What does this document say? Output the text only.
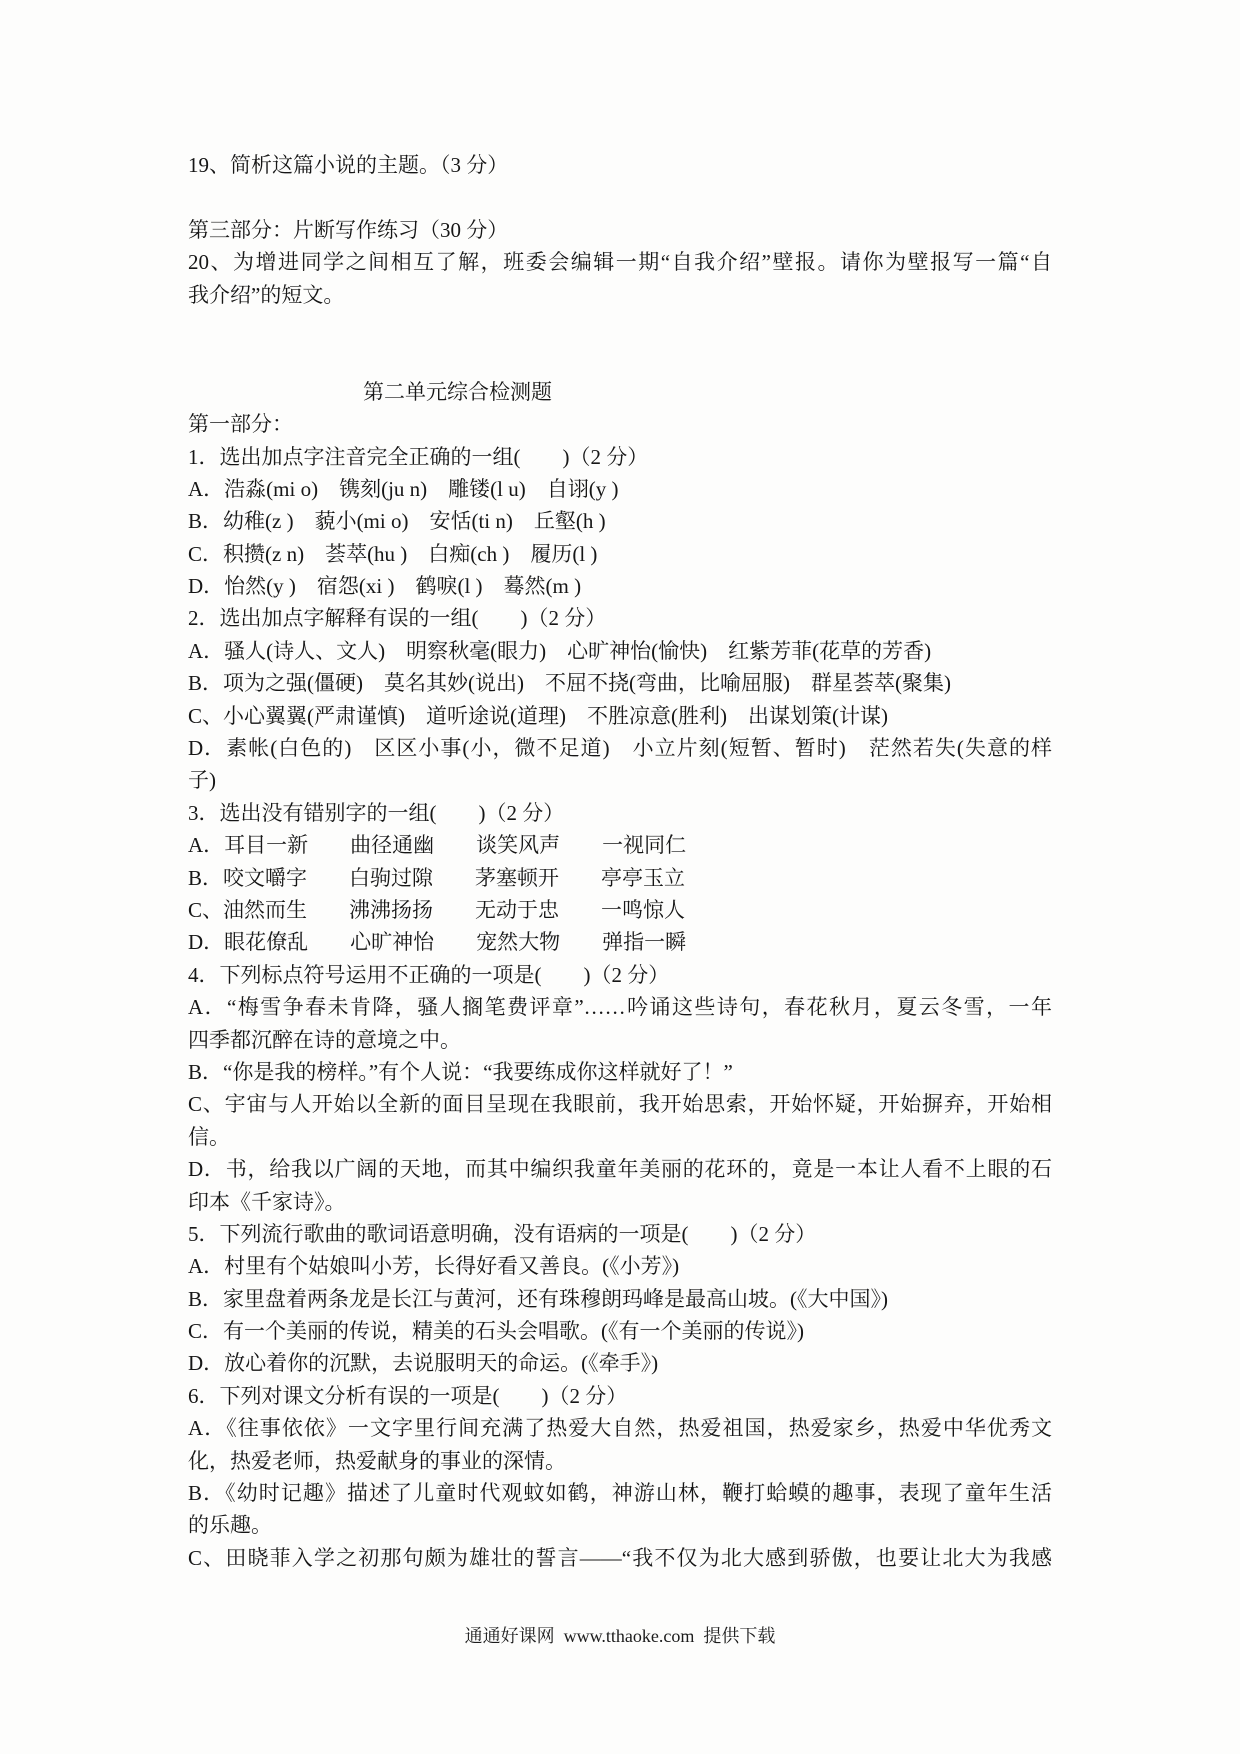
19、简析这篇小说的主题。（3 分）
第三部分：片断写作练习（30 分）
20、为增进同学之间相互了解，班委会编辑一期“自我介绍”壁报。请你为壁报写一篇“自
我介绍”的短文。
第二单元综合检测题
第一部分：
1．选出加点字注音完全正确的一组(　　)（2 分）
A．浩淼(mi o)　镌刻(ju n)　雕镂(l u)　自诩(y )
B．幼稚(z )　藐小(mi o)　安恬(ti n)　丘壑(h )
C．积攒(z n)　荟萃(hu )　白痴(ch )　履历(l )
D．怡然(y )　宿怨(xi )　鹤唳(l )　蓦然(m )
2．选出加点字解释有误的一组(　　)（2 分）
A．骚人(诗人、文人)　明察秋毫(眼力)　心旷神怡(愉快)　红紫芳菲(花草的芳香)
B．项为之强(僵硬)　莫名其妙(说出)　不屈不挠(弯曲，比喻屈服)　群星荟萃(聚集)
C、小心翼翼(严肃谨慎)　道听途说(道理)　不胜凉意(胜利)　出谋划策(计谋)
D．素帐(白色的)　区区小事(小，微不足道)　小立片刻(短暂、暂时)　茫然若失(失意的样
子)
3．选出没有错别字的一组(　　)（2 分）
A．耳目一新　　曲径通幽　　谈笑风声　　一视同仁
B．咬文嚼字　　白驹过隙　　茅塞顿开　　亭亭玉立
C、油然而生　　沸沸扬扬　　无动于忠　　一鸣惊人
D．眼花僚乱　　心旷神怡　　宠然大物　　弹指一瞬
4．下列标点符号运用不正确的一项是(　　)（2 分）
A．“梅雪争春未肯降，骚人搁笔费评章”……吟诵这些诗句，春花秋月，夏云冬雪，一年
四季都沉醉在诗的意境之中。
B．“你是我的榜样。”有个人说：“我要练成你这样就好了！”
C、宇宙与人开始以全新的面目呈现在我眼前，我开始思索，开始怀疑，开始摒弃，开始相
信。
D．书，给我以广阔的天地，而其中编织我童年美丽的花环的，竟是一本让人看不上眼的石
印本《千家诗》。
5．下列流行歌曲的歌词语意明确，没有语病的一项是(　　)（2 分）
A．村里有个姑娘叫小芳，长得好看又善良。(《小芳》)
B．家里盘着两条龙是长江与黄河，还有珠穆朗玛峰是最高山坡。(《大中国》)
C．有一个美丽的传说，精美的石头会唱歌。(《有一个美丽的传说》)
D．放心着你的沉默，去说服明天的命运。(《牵手》)
6．下列对课文分析有误的一项是(　　)（2 分）
A．《往事依依》一文字里行间充满了热爱大自然，热爱祖国，热爱家乡，热爱中华优秀文
化，热爱老师，热爱献身的事业的深情。
B．《幼时记趣》描述了儿童时代观蚊如鹤，神游山林，鞭打蛤蟆的趣事，表现了童年生活
的乐趣。
C、田晓菲入学之初那句颇为雄壮的誓言——“我不仅为北大感到骄傲，也要让北大为我感
通通好课网  www.tthaoke.com  提供下载
